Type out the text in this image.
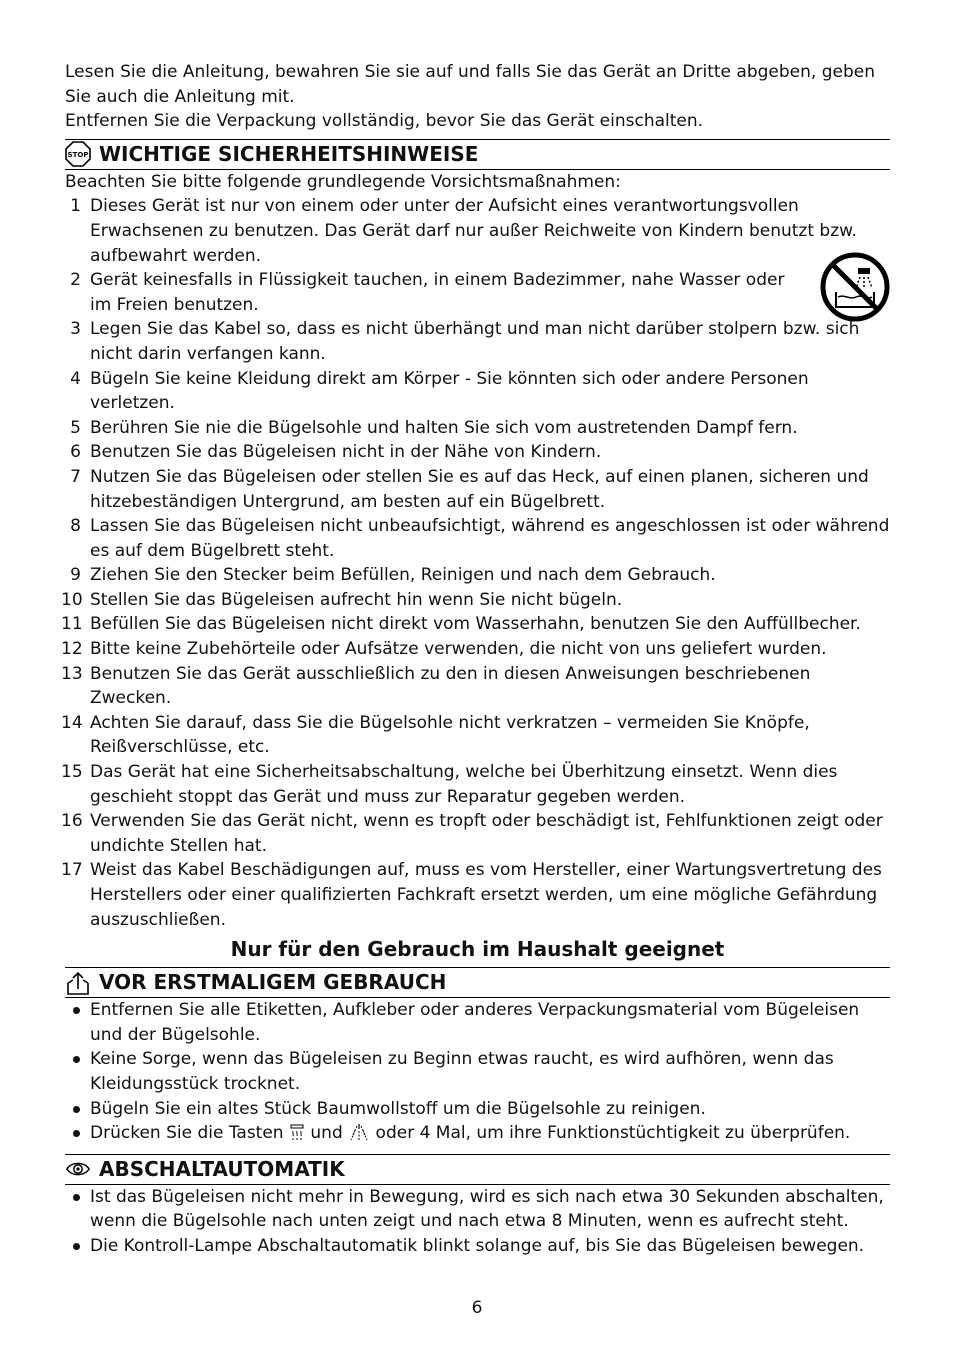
Lesen Sie die Anleitung, bewahren Sie sie auf und falls Sie das Gerät an Dritte abgeben, geben Sie auch die Anleitung mit.

Entfernen Sie die Verpackung vollständig, bevor Sie das Gerät einschalten.

STOP WICHTIGE SICHERHEITSHINWEISE

Beachten Sie bitte folgende grundlegende Vorsichtsmaßnahmen:

1 Dieses Gerät ist nur von einem oder unter der Aufsicht eines verantwortungsvollen Erwachsenen zu benutzen. Das Gerät darf nur außer Reichweite von Kindern benutzt bzw. aufbewahrt werden.
2 Gerät keinesfalls in Flüssigkeit tauchen, in einem Badezimmer, nahe Wasser oder im Freien benutzen.
3 Legen Sie das Kabel so, dass es nicht überhängt und man nicht darüber stolpern bzw. sich nicht darin verfangen kann.
4 Bügeln Sie keine Kleidung direkt am Körper - Sie könnten sich oder andere Personen verletzen.
5 Berühren Sie nie die Bügelsohle und halten Sie sich vom austretenden Dampf fern.
6 Benutzen Sie das Bügeleisen nicht in der Nähe von Kindern.
7 Nutzen Sie das Bügeleisen oder stellen Sie es auf das Heck, auf einen planen, sicheren und hitzebeständigen Untergrund, am besten auf ein Bügelbrett.
8 Lassen Sie das Bügeleisen nicht unbeaufsichtigt, während es angeschlossen ist oder während es auf dem Bügelbrett steht.
9 Ziehen Sie den Stecker beim Befüllen, Reinigen und nach dem Gebrauch.
10 Stellen Sie das Bügeleisen aufrecht hin wenn Sie nicht bügeln.
11 Befüllen Sie das Bügeleisen nicht direkt vom Wasserhahn, benutzen Sie den Auffüllbecher.
12 Bitte keine Zubehörteile oder Aufsätze verwenden, die nicht von uns geliefert wurden.
13 Benutzen Sie das Gerät ausschließlich zu den in diesen Anweisungen beschriebenen Zwecken.
14 Achten Sie darauf, dass Sie die Bügelsohle nicht verkratzen – vermeiden Sie Knöpfe, Reißverschlüsse, etc.
15 Das Gerät hat eine Sicherheitsabschaltung, welche bei Überhitzung einsetzt. Wenn dies geschieht stoppt das Gerät und muss zur Reparatur gegeben werden.
16 Verwenden Sie das Gerät nicht, wenn es tropft oder beschädigt ist, Fehlfunktionen zeigt oder undichte Stellen hat.
17 Weist das Kabel Beschädigungen auf, muss es vom Hersteller, einer Wartungsvertretung des Herstellers oder einer qualifizierten Fachkraft ersetzt werden, um eine mögliche Gefährdung auszuschließen.
Nur für den Gebrauch im Haushalt geeignet
VOR ERSTMALIGEM GEBRAUCH
Entfernen Sie alle Etiketten, Aufkleber oder anderes Verpackungsmaterial vom Bügeleisen und der Bügelsohle.
Keine Sorge, wenn das Bügeleisen zu Beginn etwas raucht, es wird aufhören, wenn das Kleidungsstück trocknet.
Bügeln Sie ein altes Stück Baumwollstoff um die Bügelsohle zu reinigen.
Drücken Sie die Tasten und oder 4 Mal, um ihre Funktionstüchtigkeit zu überprüfen.
ABSCHALTAUTOMATIK
Ist das Bügeleisen nicht mehr in Bewegung, wird es sich nach etwa 30 Sekunden abschalten, wenn die Bügelsohle nach unten zeigt und nach etwa 8 Minuten, wenn es aufrecht steht.
Die Kontroll-Lampe Abschaltautomatik blinkt solange auf, bis Sie das Bügeleisen bewegen.
6
